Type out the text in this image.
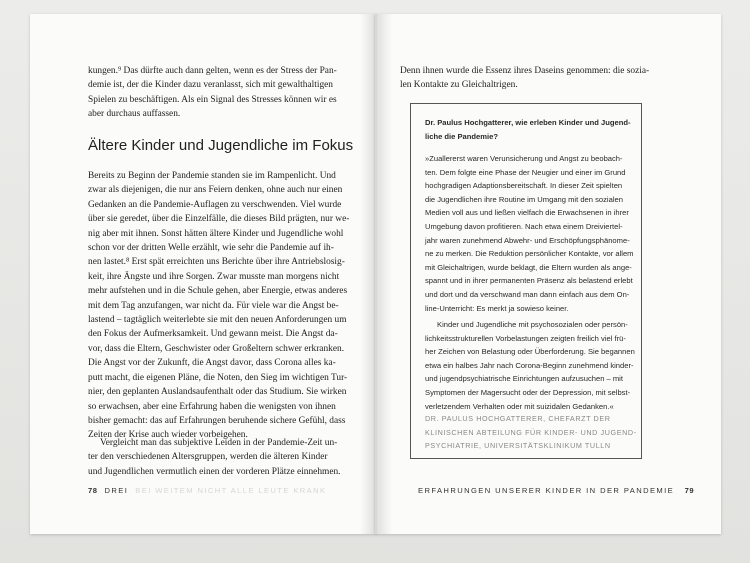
kungen.⁹ Das dürfte auch dann gelten, wenn es der Stress der Pan-
demie ist, der die Kinder dazu veranlasst, sich mit gewalthaltigen
Spielen zu beschäftigen. Als ein Signal des Stresses können wir es
aber durchaus auffassen.
Ältere Kinder und Jugendliche im Fokus
Bereits zu Beginn der Pandemie standen sie im Rampenlicht. Und
zwar als diejenigen, die nur ans Feiern denken, ohne auch nur einen
Gedanken an die Pandemie-Auflagen zu verschwenden. Viel wurde
über sie geredet, über die Einzelfälle, die dieses Bild prägten, nur we-
nig aber mit ihnen. Sonst hätten ältere Kinder und Jugendliche wohl
schon vor der dritten Welle erzählt, wie sehr die Pandemie auf ih-
nen lastet.⁸ Erst spät erreichten uns Berichte über ihre Antriebslosig-
keit, ihre Ängste und ihre Sorgen. Zwar musste man morgens nicht
mehr aufstehen und in die Schule gehen, aber Energie, etwas anderes
mit dem Tag anzufangen, war nicht da. Für viele war die Angst be-
lastend – tagtäglich weiterlebte sie mit den neuen Anforderungen um
den Fokus der Aufmerksamkeit. Und gewann meist. Die Angst da-
vor, dass die Eltern, Geschwister oder Großeltern schwer erkranken.
Die Angst vor der Zukunft, die Angst davor, dass Corona alles ka-
putt macht, die eigenen Pläne, die Noten, den Sieg im wichtigen Tur-
nier, den geplanten Auslandsaufenthalt oder das Studium. Sie wirken
so erwachsen, aber eine Erfahrung haben die wenigsten von ihnen
bisher gemacht: das auf Erfahrungen beruhende sichere Gefühl, dass
Zeiten der Krise auch wieder vorbeigehen.
Vergleicht man das subjektive Leiden in der Pandemie-Zeit un-
ter den verschiedenen Altersgruppen, werden die älteren Kinder
und Jugendlichen vermutlich einen der vorderen Plätze einnehmen.
78 DREI BEI WEITEM NICHT ALLE LEUTE KRANK
Denn ihnen wurde die Essenz ihres Daseins genommen: die sozia-
len Kontakte zu Gleichaltrigen.
Dr. Paulus Hochgatterer, wie erleben Kinder und Jugend-
liche die Pandemie?
»Zuallererst waren Verunsicherung und Angst zu beobach-
ten. Dem folgte eine Phase der Neugier und einer im Grund
hochgradigen Adaptionsbereitschaft. In dieser Zeit spielten
die Jugendlichen ihre Routine im Umgang mit den sozialen
Medien voll aus und ließen vielfach die Erwachsenen in ihrer
Umgebung davon profitieren. Nach etwa einem Dreiviertel-
jahr waren zunehmend Abwehr- und Erschöpfungsphänome-
ne zu merken. Die Reduktion persönlicher Kontakte, vor allem
mit Gleichaltrigen, wurde beklagt, die Eltern wurden als ange-
spannt und in ihrer permanenten Präsenz als belastend erlebt
und dort und da verschwand man dann einfach aus dem On-
line-Unterricht: Es merkt ja sowieso keiner.
Kinder und Jugendliche mit psychosozialen oder persön-
lichkeitsstrukturellen Vorbelastungen zeigten freilich viel frü-
her Zeichen von Belastung oder Überforderung. Sie begannen
etwa ein halbes Jahr nach Corona-Beginn zunehmend kinder-
und jugendpsychiatrische Einrichtungen aufzusuchen – mit
Symptomen der Magersucht oder der Depression, mit selbst-
verletzendem Verhalten oder mit suizidalen Gedanken.«
DR. PAULUS HOCHGATTERER, CHEFARZT DER
KLINISCHEN ABTEILUNG FÜR KINDER- UND JUGEND-
PSYCHIATRIE, UNIVERSITÄTSKLINIKUM TULLN
ERFAHRUNGEN UNSERER KINDER IN DER PANDEMIE 79
